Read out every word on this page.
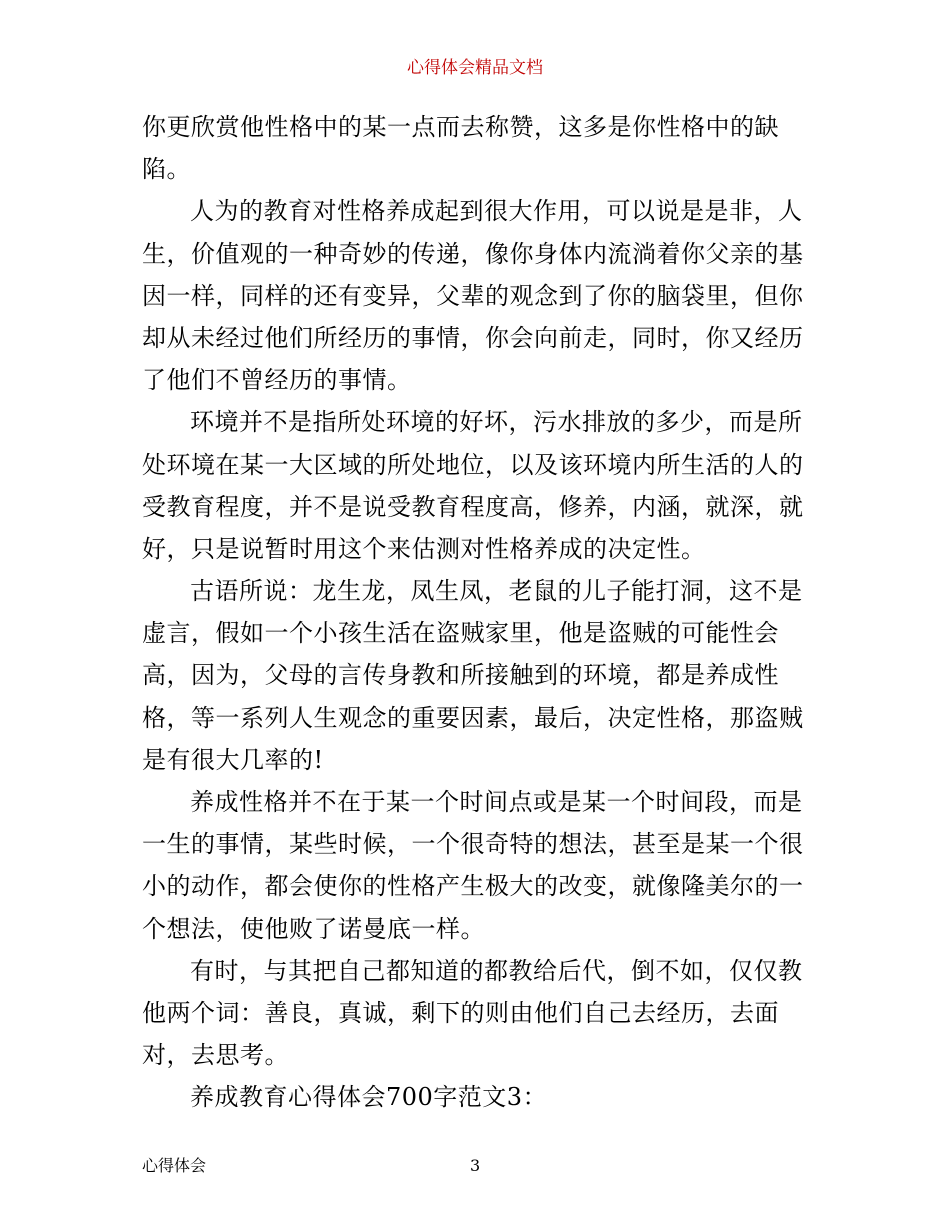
心得体会精品文档
你更欣赏他性格中的某一点而去称赞，这多是你性格中的缺
陷。
人为的教育对性格养成起到很大作用，可以说是是非，人
生，价值观的一种奇妙的传递，像你身体内流淌着你父亲的基
因一样，同样的还有变异，父辈的观念到了你的脑袋里，但你
却从未经过他们所经历的事情，你会向前走，同时，你又经历
了他们不曾经历的事情。
环境并不是指所处环境的好坏，污水排放的多少，而是所
处环境在某一大区域的所处地位，以及该环境内所生活的人的
受教育程度，并不是说受教育程度高，修养，内涵，就深，就
好，只是说暂时用这个来估测对性格养成的决定性。
古语所说：龙生龙，凤生凤，老鼠的儿子能打洞，这不是
虚言，假如一个小孩生活在盗贼家里，他是盗贼的可能性会
高，因为，父母的言传身教和所接触到的环境，都是养成性
格，等一系列人生观念的重要因素，最后，决定性格，那盗贼
是有很大几率的!
养成性格并不在于某一个时间点或是某一个时间段，而是
一生的事情，某些时候，一个很奇特的想法，甚至是某一个很
小的动作，都会使你的性格产生极大的改变，就像隆美尔的一
个想法，使他败了诺曼底一样。
有时，与其把自己都知道的都教给后代，倒不如，仅仅教
他两个词：善良，真诚，剩下的则由他们自己去经历，去面
对，去思考。
养成教育心得体会700字范文3：
心得体会	3
